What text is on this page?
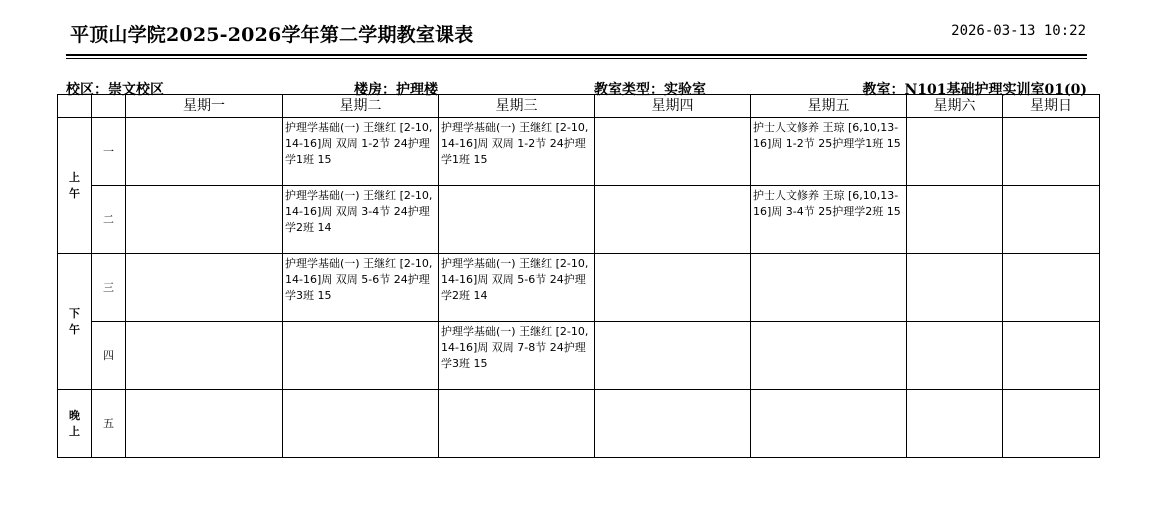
平顶山学院2025-2026学年第二学期教室课表	2026-03-13 10:22
校区：崇文校区	楼房：护理楼	教室类型：实验室	教室：N101基础护理实训室01(0)
		星期一	星期二	星期三	星期四	星期五	星期六	星期日
上午	一		护理学基础(一) 王继红 [2-10,14-16]周 双周 1-2节 24护理学1班 15	护理学基础(一) 王继红 [2-10,14-16]周 双周 1-2节 24护理学1班 15		护士人文修养 王琼 [6,10,13-16]周 1-2节 25护理学1班 15		

	二		护理学基础(一) 王继红 [2-10,14-16]周 双周 3-4节 24护理学2班 14			护士人文修养 王琼 [6,10,13-16]周 3-4节 25护理学2班 15		

下午	三		护理学基础(一) 王继红 [2-10,14-16]周 双周 5-6节 24护理学3班 15	护理学基础(一) 王继红 [2-10,14-16]周 双周 5-6节 24护理学2班 14				

	四			护理学基础(一) 王继红 [2-10,14-16]周 双周 7-8节 24护理学3班 15				

晚上	五							
